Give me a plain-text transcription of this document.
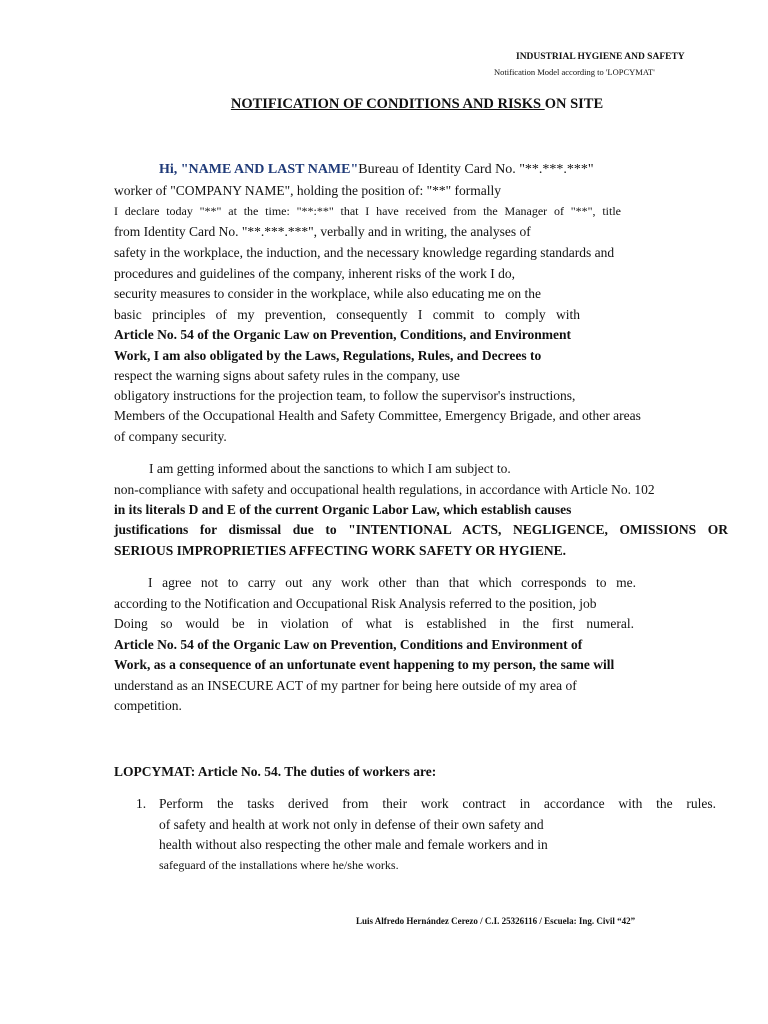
INDUSTRIAL HYGIENE AND SAFETY
Notification Model according to 'LOPCYMAT'
NOTIFICATION OF CONDITIONS AND RISKS ON SITE
Hi, "NAME AND LAST NAME"Bureau of Identity Card No. "**.***.***"
worker of "COMPANY NAME", holding the position of: "**" formally
I declare today "**" at the time: "**:**" that I have received from the Manager of "**", title
from Identity Card No. "**.***.***", verbally and in writing, the analyses of
safety in the workplace, the induction, and the necessary knowledge regarding standards and
procedures and guidelines of the company, inherent risks of the work I do,
security measures to consider in the workplace, while also educating me on the
basic principles of my prevention, consequently I commit to comply with
Article No. 54 of the Organic Law on Prevention, Conditions, and Environment
Work, I am also obligated by the Laws, Regulations, Rules, and Decrees to
respect the warning signs about safety rules in the company, use
obligatory instructions for the projection team, to follow the supervisor's instructions,
Members of the Occupational Health and Safety Committee, Emergency Brigade, and other areas
of company security.
I am getting informed about the sanctions to which I am subject to.
non-compliance with safety and occupational health regulations, in accordance with Article No. 102
in its literals D and E of the current Organic Labor Law, which establish causes
justifications for dismissal due to "INTENTIONAL ACTS, NEGLIGENCE, OMISSIONS OR
SERIOUS IMPROPRIETIES AFFECTING WORK SAFETY OR HYGIENE.
I agree not to carry out any work other than that which corresponds to me.
according to the Notification and Occupational Risk Analysis referred to the position, job
Doing so would be in violation of what is established in the first numeral.
Article No. 54 of the Organic Law on Prevention, Conditions and Environment of
Work, as a consequence of an unfortunate event happening to my person, the same will
understand as an INSECURE ACT of my partner for being here outside of my area of
competition.
LOPCYMAT: Article No. 54. The duties of workers are:
1. Perform the tasks derived from their work contract in accordance with the rules.
of safety and health at work not only in defense of their own safety and
health without also respecting the other male and female workers and in
safeguard of the installations where he/she works.
Luis Alfredo Hernández Cerezo / C.I. 25326116 / Escuela: Ing. Civil “42”
